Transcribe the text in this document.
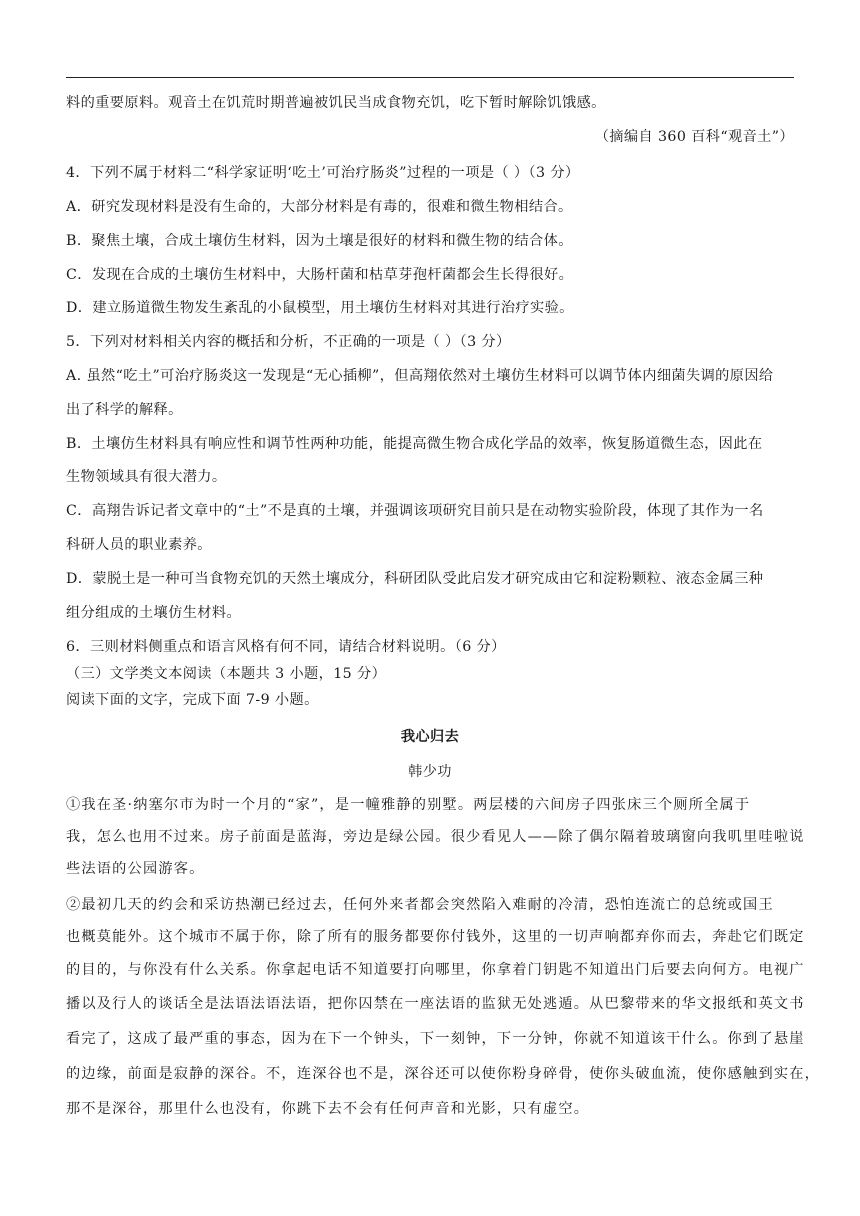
料的重要原料。观音土在饥荒时期普遍被饥民当成食物充饥，吃下暂时解除饥饿感。
（摘编自 360 百科“观音土”）
4．下列不属于材料二“科学家证明‘吃土’可治疗肠炎”过程的一项是（ ）（3 分）
A．研究发现材料是没有生命的，大部分材料是有毒的，很难和微生物相结合。
B．聚焦土壤，合成土壤仿生材料，因为土壤是很好的材料和微生物的结合体。
C．发现在合成的土壤仿生材料中，大肠杆菌和枯草芽孢杆菌都会生长得很好。
D．建立肠道微生物发生紊乱的小鼠模型，用土壤仿生材料对其进行治疗实验。
5．下列对材料相关内容的概括和分析，不正确的一项是（ ）（3 分）
A. 虽然“吃土”可治疗肠炎这一发现是“无心插柳”，但高翔依然对土壤仿生材料可以调节体内细菌失调的原因给
出了科学的解释。
B．土壤仿生材料具有响应性和调节性两种功能，能提高微生物合成化学品的效率，恢复肠道微生态，因此在
生物领域具有很大潜力。
C．高翔告诉记者文章中的“土”不是真的土壤，并强调该项研究目前只是在动物实验阶段，体现了其作为一名
科研人员的职业素养。
D．蒙脱土是一种可当食物充饥的天然土壤成分，科研团队受此启发才研究成由它和淀粉颗粒、液态金属三种
组分组成的土壤仿生材料。
6．三则材料侧重点和语言风格有何不同，请结合材料说明。（6 分）
（三）文学类文本阅读（本题共 3 小题，15 分）
阅读下面的文字，完成下面 7-9 小题。
我心归去
韩少功
①我在圣·纳塞尔市为时一个月的“家”，是一幢雅静的别墅。两层楼的六间房子四张床三个厕所全属于
我，怎么也用不过来。房子前面是蓝海，旁边是绿公园。很少看见人——除了偶尔隔着玻璃窗向我叽里哇啦说
些法语的公园游客。
②最初几天的约会和采访热潮已经过去，任何外来者都会突然陷入难耐的冷清，恐怕连流亡的总统或国王
也概莫能外。这个城市不属于你，除了所有的服务都要你付钱外，这里的一切声响都弃你而去，奔赴它们既定
的目的，与你没有什么关系。你拿起电话不知道要打向哪里，你拿着门钥匙不知道出门后要去向何方。电视广
播以及行人的谈话全是法语法语法语，把你囚禁在一座法语的监狱无处逃遁。从巴黎带来的华文报纸和英文书
看完了，这成了最严重的事态，因为在下一个钟头，下一刻钟，下一分钟，你就不知道该干什么。你到了悬崖
的边缘，前面是寂静的深谷。不，连深谷也不是，深谷还可以使你粉身碎骨，使你头破血流，使你感触到实在，
那不是深谷，那里什么也没有，你跳下去不会有任何声音和光影，只有虚空。
